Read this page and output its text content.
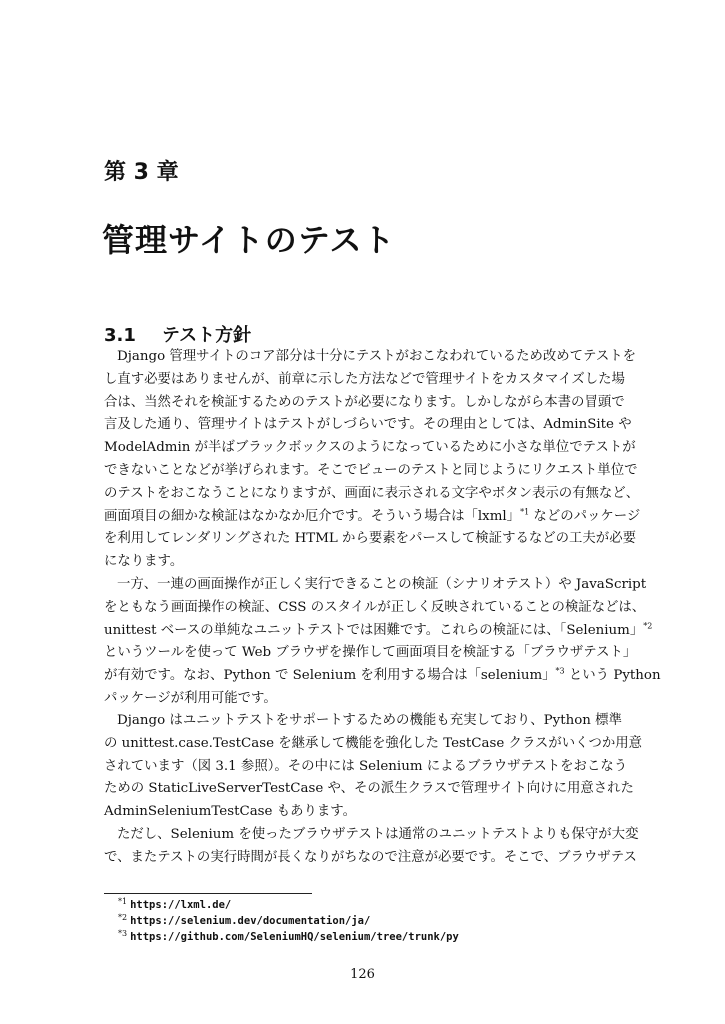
第 3 章
管理サイトのテスト
3.1 テスト方針
Django 管理サイトのコア部分は十分にテストがおこなわれているため改めてテストを
し直す必要はありませんが、前章に示した方法などで管理サイトをカスタマイズした場
合は、当然それを検証するためのテストが必要になります。しかしながら本書の冒頭で
言及した通り、管理サイトはテストがしづらいです。その理由としては、AdminSite や
ModelAdmin が半ばブラックボックスのようになっているために小さな単位でテストが
できないことなどが挙げられます。そこでビューのテストと同じようにリクエスト単位で
のテストをおこなうことになりますが、画面に表示される文字やボタン表示の有無など、
画面項目の細かな検証はなかなか厄介です。そういう場合は「lxml」$^{*1}$ などのパッケージ
を利用してレンダリングされた HTML から要素をパースして検証するなどの工夫が必要
になります。
一方、一連の画面操作が正しく実行できることの検証（シナリオテスト）や JavaScript
をともなう画面操作の検証、CSS のスタイルが正しく反映されていることの検証などは、
unittest ベースの単純なユニットテストでは困難です。これらの検証には、「Selenium」$^{*2}$
というツールを使って Web ブラウザを操作して画面項目を検証する「ブラウザテスト」
が有効です。なお、Python で Selenium を利用する場合は「selenium」$^{*3}$ という Python
パッケージが利用可能です。
Django はユニットテストをサポートするための機能も充実しており、Python 標準
の unittest.case.TestCase を継承して機能を強化した TestCase クラスがいくつか用意
されています（図 3.1 参照）。その中には Selenium によるブラウザテストをおこなう
ための StaticLiveServerTestCase や、その派生クラスで管理サイト向けに用意された
AdminSeleniumTestCase もあります。
ただし、Selenium を使ったブラウザテストは通常のユニットテストよりも保守が大変
で、またテストの実行時間が長くなりがちなので注意が必要です。そこで、ブラウザテス
$^{*1}$ https://lxml.de/
$^{*2}$ https://selenium.dev/documentation/ja/
$^{*3}$ https://github.com/SeleniumHQ/selenium/tree/trunk/py
126
